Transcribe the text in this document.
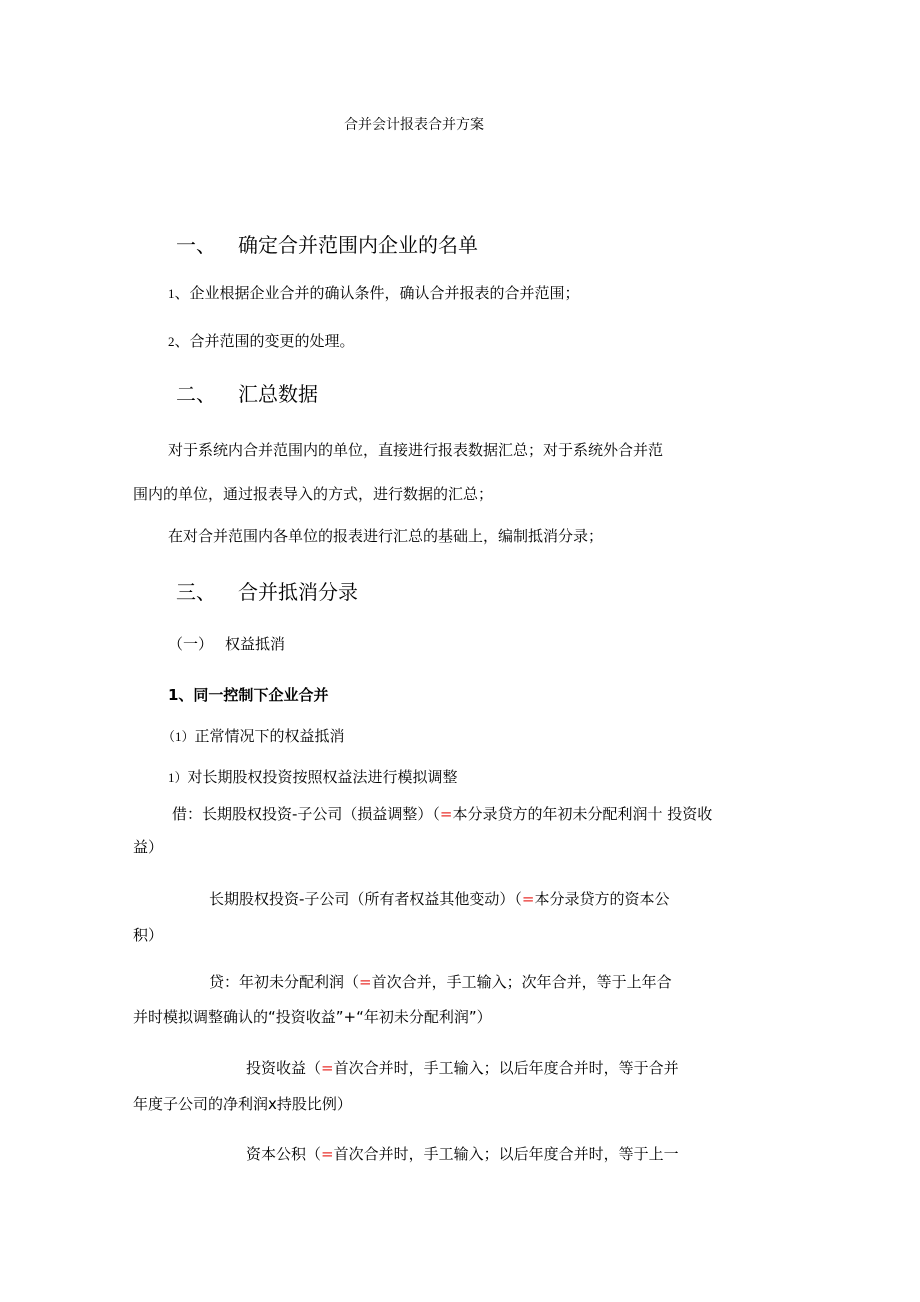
合并会计报表合并方案

一、 确定合并范围内企业的名单

1、企业根据企业合并的确认条件，确认合并报表的合并范围；

2、合并范围的变更的处理。

二、 汇总数据

对于系统内合并范围内的单位，直接进行报表数据汇总；对于系统外合并范

围内的单位，通过报表导入的方式，进行数据的汇总；

在对合并范围内各单位的报表进行汇总的基础上，编制抵消分录；

三、 合并抵消分录

（一） 权益抵消

1、同一控制下企业合并

（1）正常情况下的权益抵消

1）对长期股权投资按照权益法进行模拟调整

借：长期股权投资-子公司（损益调整）（=本分录贷方的年初未分配利润十 投资收

益）

长期股权投资-子公司（所有者权益其他变动）（=本分录贷方的资本公

积）

贷：年初未分配利润（=首次合并，手工输入；次年合并，等于上年合

并时模拟调整确认的“投资收益”+“年初未分配利润”）

投资收益（=首次合并时，手工输入；以后年度合并时，等于合并

年度子公司的净利润x持股比例）

资本公积（=首次合并时，手工输入；以后年度合并时，等于上一
